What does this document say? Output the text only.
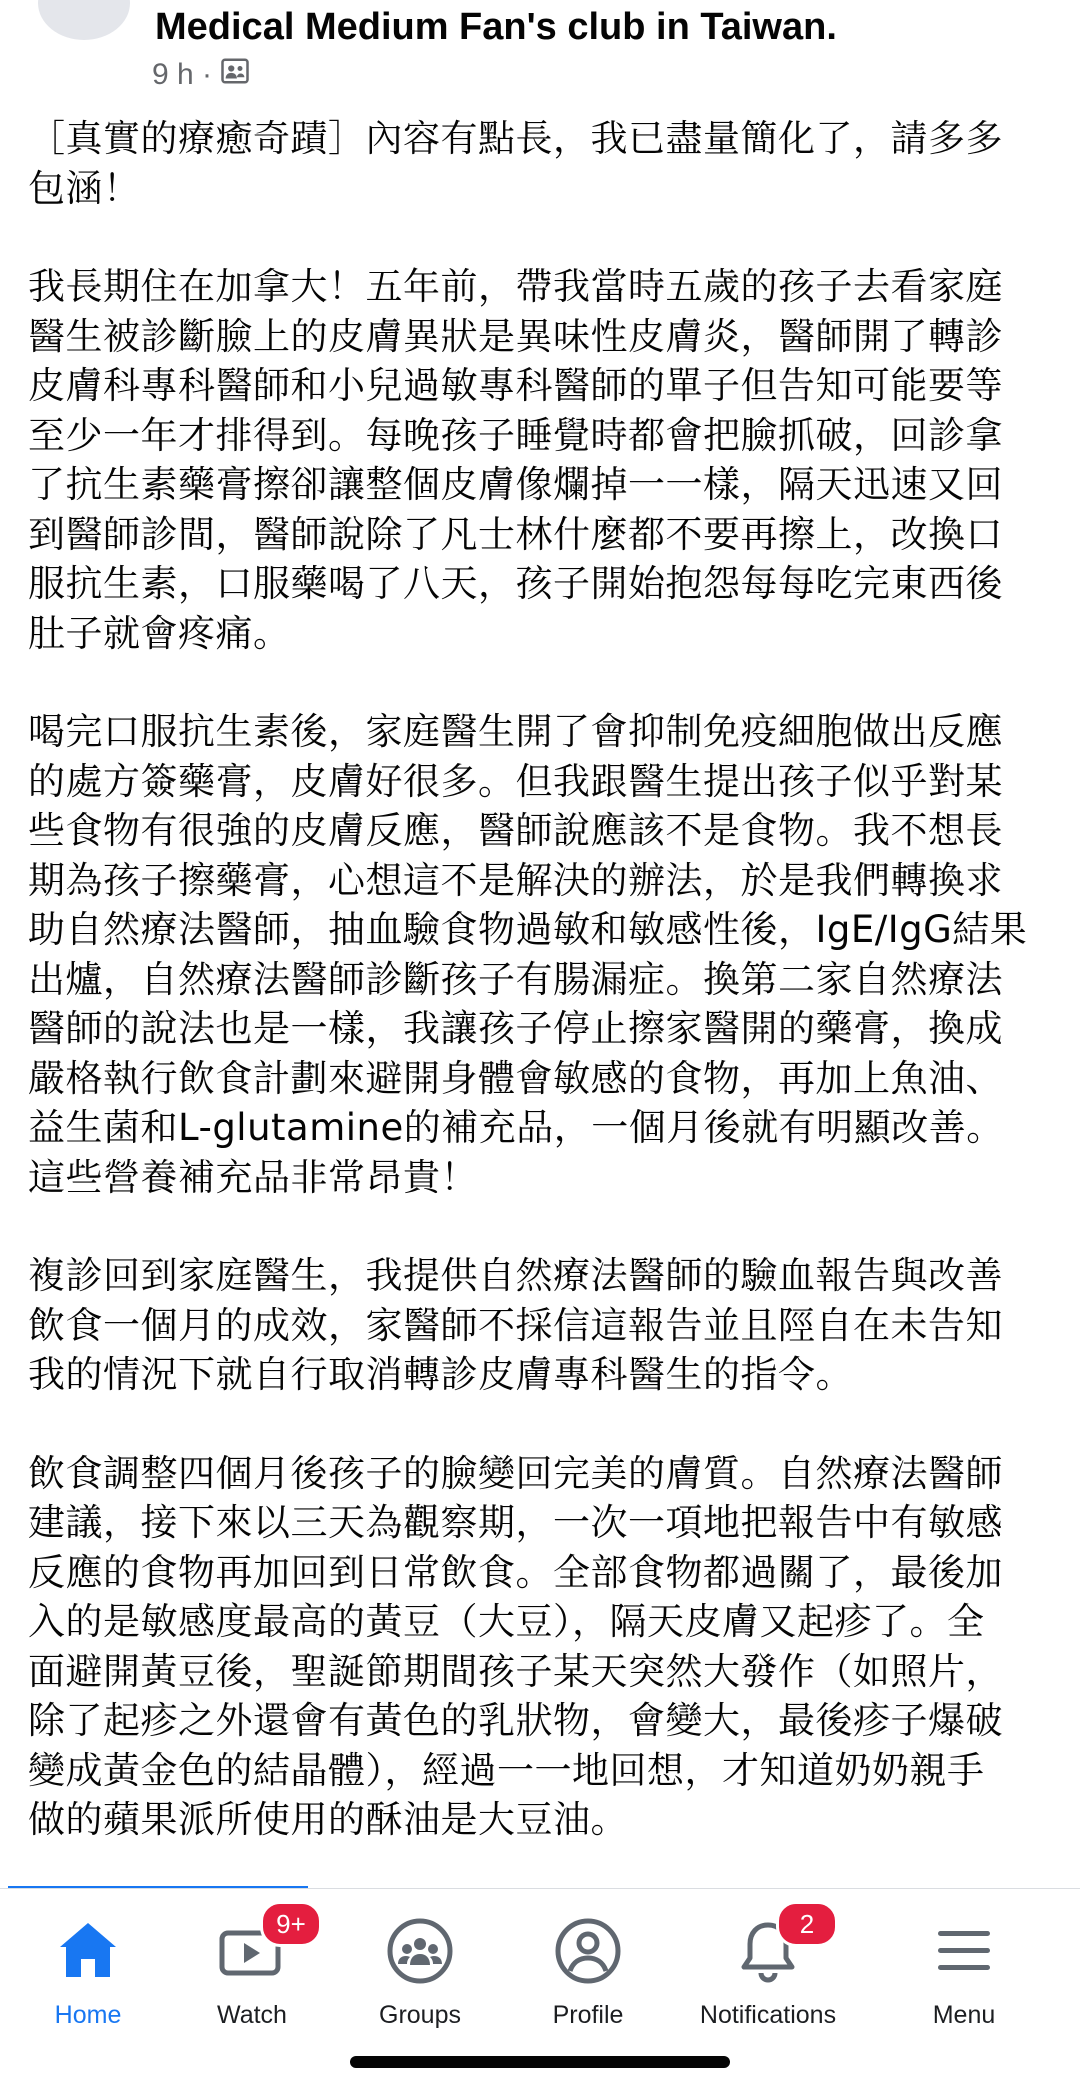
Medical Medium Fan's club in Taiwan.
9 h ·

［真實的療癒奇蹟］內容有點長，我已盡量簡化了，請多多
包涵！

我長期住在加拿大！五年前，帶我當時五歲的孩子去看家庭
醫生被診斷臉上的皮膚異狀是異味性皮膚炎，醫師開了轉診
皮膚科專科醫師和小兒過敏專科醫師的單子但告知可能要等
至少一年才排得到。每晚孩子睡覺時都會把臉抓破，回診拿
了抗生素藥膏擦卻讓整個皮膚像爛掉一一樣，隔天迅速又回
到醫師診間，醫師說除了凡士林什麼都不要再擦上，改換口
服抗生素，口服藥喝了八天，孩子開始抱怨每每吃完東西後
肚子就會疼痛。

喝完口服抗生素後，家庭醫生開了會抑制免疫細胞做出反應
的處方簽藥膏，皮膚好很多。但我跟醫生提出孩子似乎對某
些食物有很強的皮膚反應，醫師說應該不是食物。我不想長
期為孩子擦藥膏，心想這不是解決的辦法，於是我們轉換求
助自然療法醫師，抽血驗食物過敏和敏感性後，IgE/IgG結果
出爐，自然療法醫師診斷孩子有腸漏症。換第二家自然療法
醫師的說法也是一樣，我讓孩子停止擦家醫開的藥膏，換成
嚴格執行飲食計劃來避開身體會敏感的食物，再加上魚油、
益生菌和L-glutamine的補充品，一個月後就有明顯改善。
這些營養補充品非常昂貴！

複診回到家庭醫生，我提供自然療法醫師的驗血報告與改善
飲食一個月的成效，家醫師不採信這報告並且陘自在未告知
我的情況下就自行取消轉診皮膚專科醫生的指令。

飲食調整四個月後孩子的臉變回完美的膚質。自然療法醫師
建議，接下來以三天為觀察期，一次一項地把報告中有敏感
反應的食物再加回到日常飲食。全部食物都過關了，最後加
入的是敏感度最高的黃豆（大豆），隔天皮膚又起疹了。全
面避開黃豆後，聖誕節期間孩子某天突然大發作（如照片，
除了起疹之外還會有黃色的乳狀物，會變大，最後疹子爆破
變成黃金色的結晶體），經過一一地回想，才知道奶奶親手
做的蘋果派所使用的酥油是大豆油。

Home
9+
Watch	Groups	Profile
2
Notifications	Menu
